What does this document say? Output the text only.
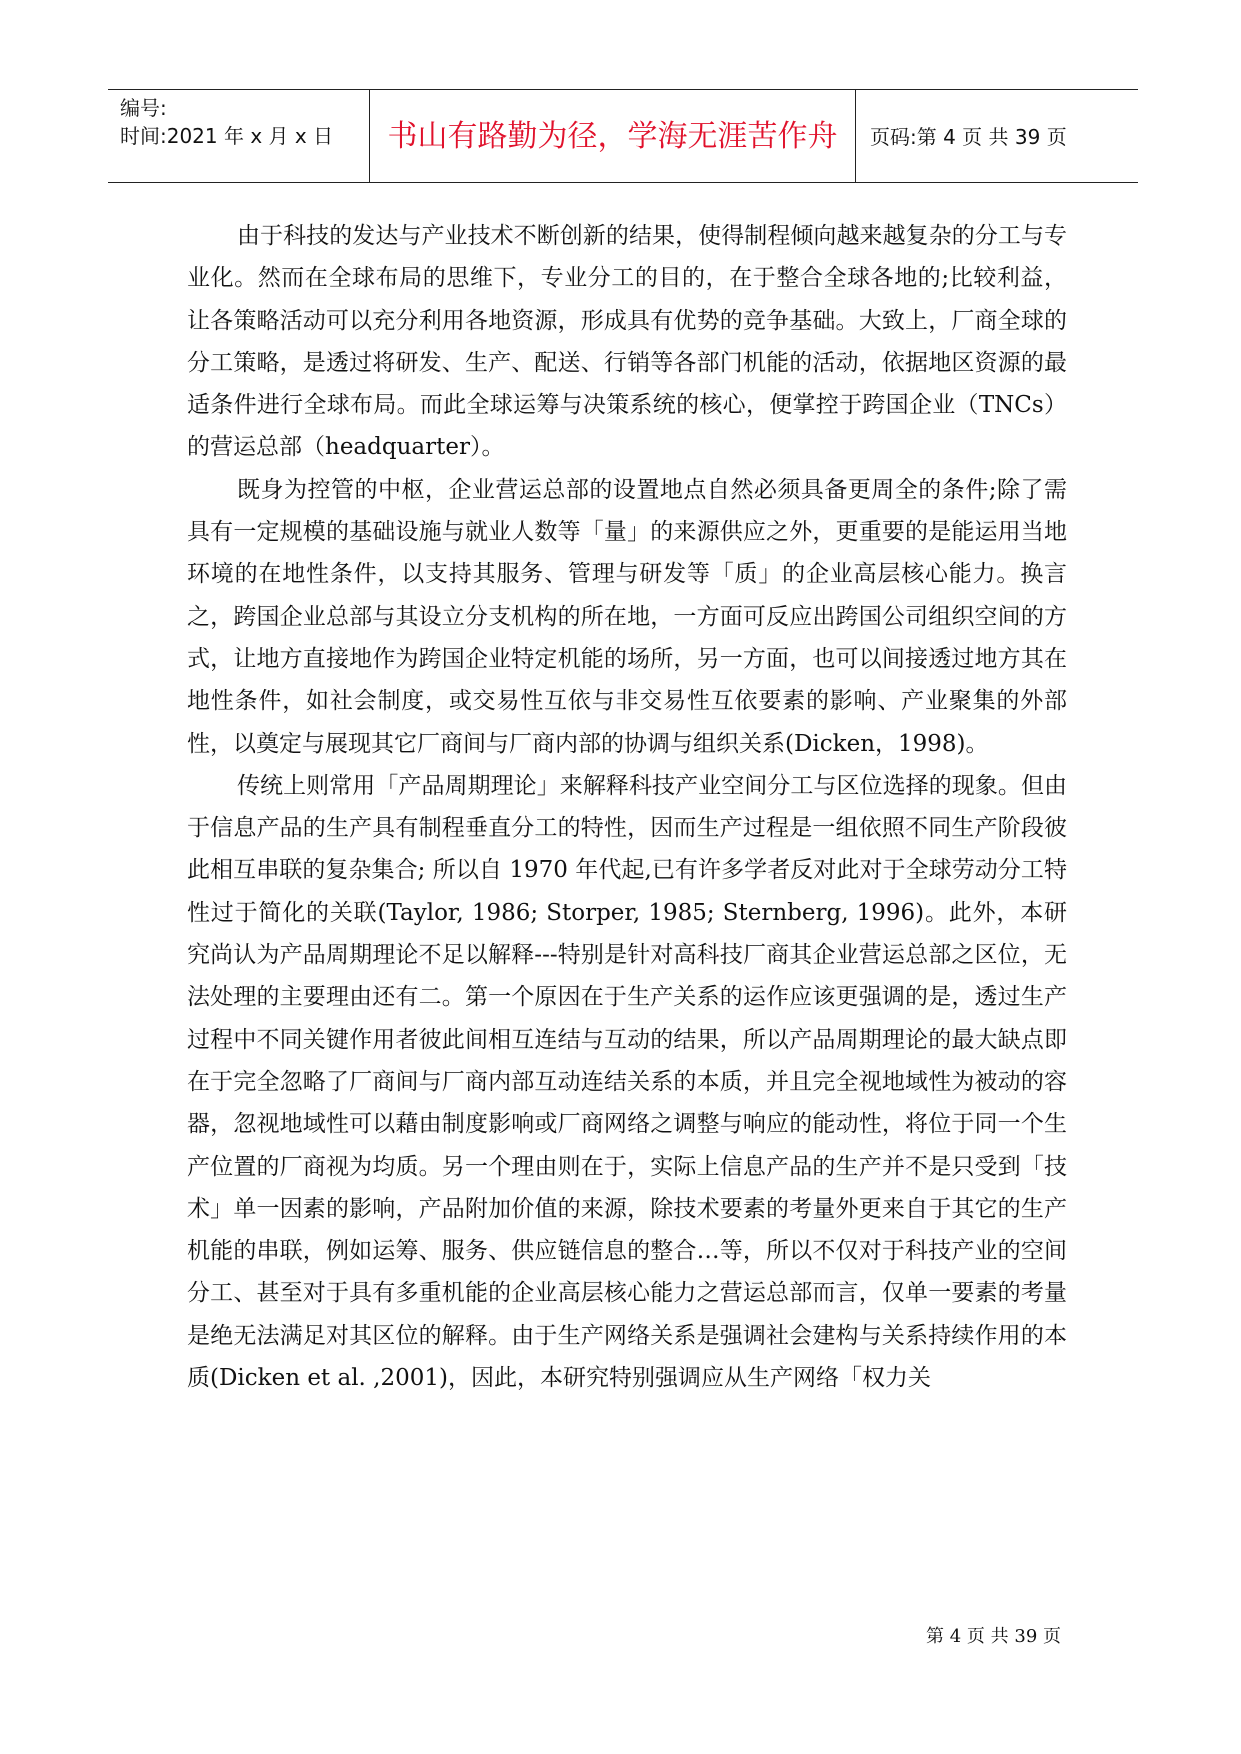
编号:
时间:2021 年 x 月 x 日	书山有路勤为径，学海无涯苦作舟	页码:第 4 页 共 39 页

由于科技的发达与产业技术不断创新的结果，使得制程倾向越来越复杂的分工与专业化。然而在全球布局的思维下，专业分工的目的，在于整合全球各地的;比较利益，让各策略活动可以充分利用各地资源，形成具有优势的竞争基础。大致上，厂商全球的分工策略，是透过将研发、生产、配送、行销等各部门机能的活动，依据地区资源的最适条件进行全球布局。而此全球运筹与决策系统的核心，便掌控于跨国企业（TNCs）的营运总部（headquarter）。

既身为控管的中枢，企业营运总部的设置地点自然必须具备更周全的条件;除了需具有一定规模的基础设施与就业人数等「量」的来源供应之外，更重要的是能运用当地环境的在地性条件，以支持其服务、管理与研发等「质」的企业高层核心能力。换言之，跨国企业总部与其设立分支机构的所在地，一方面可反应出跨国公司组织空间的方式，让地方直接地作为跨国企业特定机能的场所，另一方面，也可以间接透过地方其在地性条件，如社会制度，或交易性互依与非交易性互依要素的影响、产业聚集的外部性，以奠定与展现其它厂商间与厂商内部的协调与组织关系(Dicken，1998)。

传统上则常用「产品周期理论」来解释科技产业空间分工与区位选择的现象。但由于信息产品的生产具有制程垂直分工的特性，因而生产过程是一组依照不同生产阶段彼此相互串联的复杂集合; 所以自 1970 年代起,已有许多学者反对此对于全球劳动分工特性过于简化的关联(Taylor, 1986; Storper, 1985; Sternberg, 1996)。此外，本研究尚认为产品周期理论不足以解释---特别是针对高科技厂商其企业营运总部之区位，无法处理的主要理由还有二。第一个原因在于生产关系的运作应该更强调的是，透过生产过程中不同关键作用者彼此间相互连结与互动的结果，所以产品周期理论的最大缺点即在于完全忽略了厂商间与厂商内部互动连结关系的本质，并且完全视地域性为被动的容器，忽视地域性可以藉由制度影响或厂商网络之调整与响应的能动性，将位于同一个生产位置的厂商视为均质。另一个理由则在于，实际上信息产品的生产并不是只受到「技术」单一因素的影响，产品附加价值的来源，除技术要素的考量外更来自于其它的生产机能的串联，例如运筹、服务、供应链信息的整合…等，所以不仅对于科技产业的空间分工、甚至对于具有多重机能的企业高层核心能力之营运总部而言，仅单一要素的考量是绝无法满足对其区位的解释。由于生产网络关系是强调社会建构与关系持续作用的本质(Dicken et al. ,2001)，因此，本研究特别强调应从生产网络「权力关

第 4 页 共 39 页
